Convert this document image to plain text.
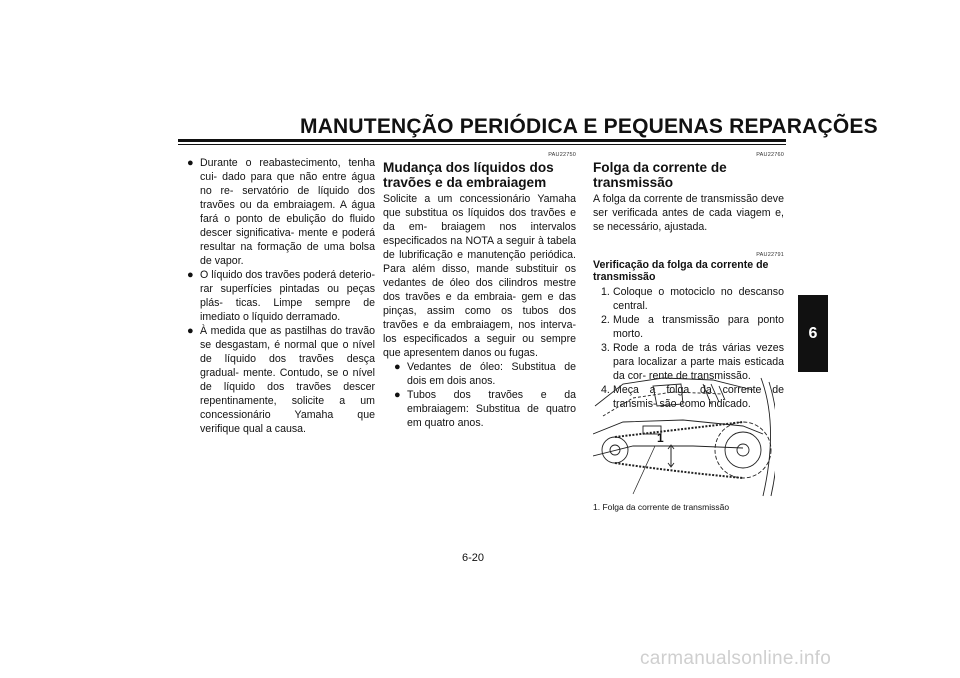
MANUTENÇÃO PERIÓDICA E PEQUENAS REPARAÇÕES
6
● Durante o reabastecimento, tenha cui- dado para que não entre água no re- servatório de líquido dos travões ou da embraiagem. A água fará o ponto de ebulição do fluido descer significativa- mente e poderá resultar na formação de uma bolsa de vapor.
● O líquido dos travões poderá deterio- rar superfícies pintadas ou peças plás- ticas. Limpe sempre de imediato o líquido derramado.
● À medida que as pastilhas do travão se desgastam, é normal que o nível de líquido dos travões desça gradual- mente. Contudo, se o nível de líquido dos travões descer repentinamente, solicite a um concessionário Yamaha que verifique qual a causa.
PAU22750
Mudança dos líquidos dos travões e da embraiagem

Solicite a um concessionário Yamaha que substitua os líquidos dos travões e da em- braiagem nos intervalos especificados na NOTA a seguir à tabela de lubrificação e manutenção periódica. Para além disso, mande substituir os vedantes de óleo dos cilindros mestre dos travões e da embraia- gem e das pinças, assim como os tubos dos travões e da embraiagem, nos interva- los especificados a seguir ou sempre que apresentem danos ou fugas.

● Vedantes de óleo: Substitua de dois em dois anos.
● Tubos dos travões e da embraiagem: Substitua de quatro em quatro anos.
PAU22760
Folga da corrente de transmissão

A folga da corrente de transmissão deve ser verificada antes de cada viagem e, se necessário, ajustada.

PAU22791
Verificação da folga da corrente de transmissão
1. Coloque o motociclo no descanso central.
2. Mude a transmissão para ponto morto.
3. Rode a roda de trás várias vezes para localizar a parte mais esticada da cor- rente de transmissão.
4. Meça a folga da corrente de transmis- são como indicado.
1
1. Folga da corrente de transmissão
6-20
carmanualsonline.info
